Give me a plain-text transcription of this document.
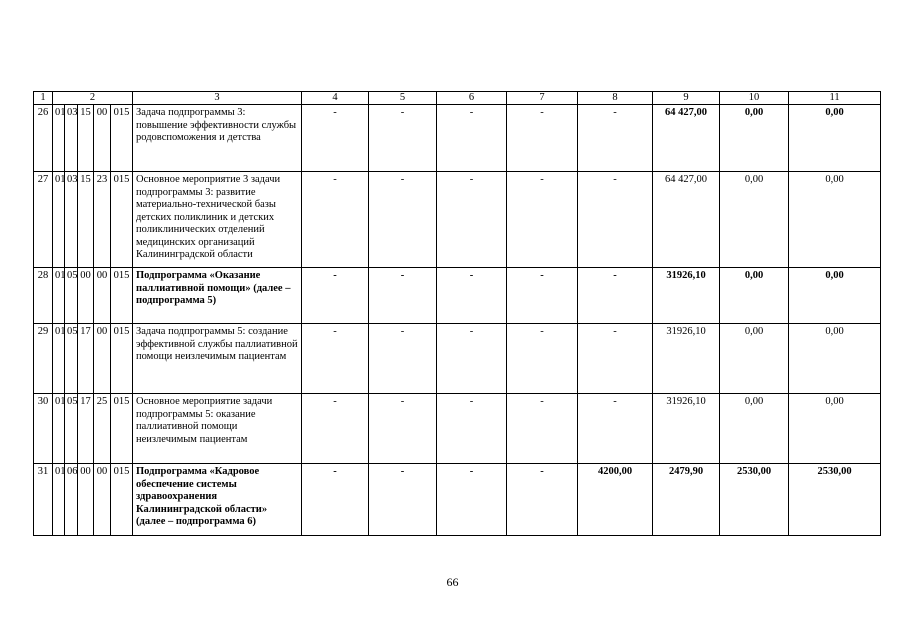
1	2					3	4	5	6	7	8	9	10	11
26	01	03	15	00	015	Задача подпрограммы 3: повышение эффективности службы родовспоможения и детства	-	-	-	-	-	64 427,00	0,00	0,00
27	01	03	15	23	015	Основное мероприятие 3 задачи подпрограммы 3: развитие материально-технической базы детских поликлиник и детских поликлинических отделений медицинских организаций Калининградской области	-	-	-	-	-	64 427,00	0,00	0,00
28	01	05	00	00	015	Подпрограмма «Оказание паллиативной помощи» (далее – подпрограмма 5)	-	-	-	-	-	31926,10	0,00	0,00
29	01	05	17	00	015	Задача подпрограммы 5: создание эффективной службы паллиативной помощи неизлечимым пациентам	-	-	-	-	-	31926,10	0,00	0,00
30	01	05	17	25	015	Основное мероприятие задачи подпрограммы 5: оказание паллиативной помощи неизлечимым пациентам	-	-	-	-	-	31926,10	0,00	0,00
31	01	06	00	00	015	Подпрограмма «Кадровое обеспечение системы здравоохранения Калининградской области» (далее – подпрограмма 6)	-	-	-	-	4200,00	2479,90	2530,00	2530,00
66
